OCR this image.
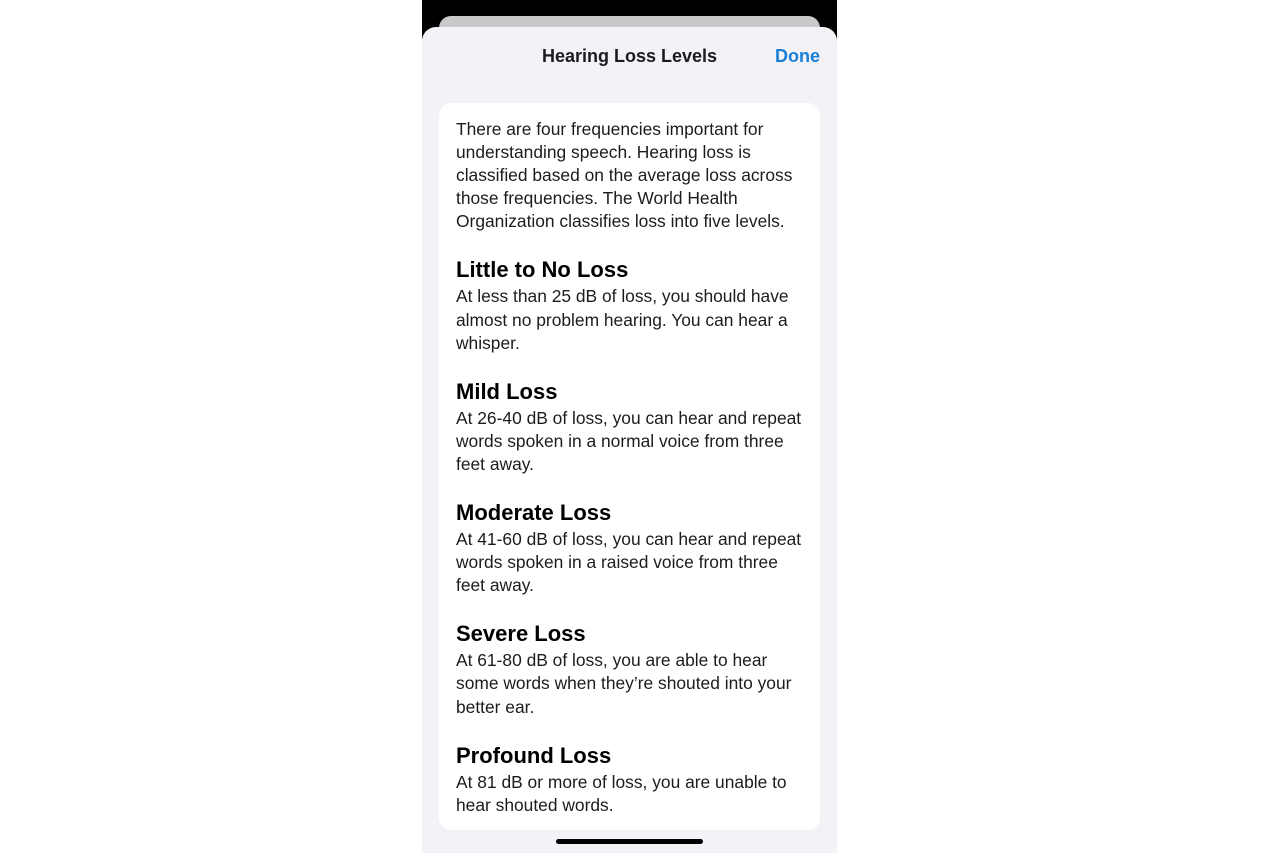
Hearing Loss Levels	Done

There are four frequencies important for understanding speech. Hearing loss is classified based on the average loss across those frequencies. The World Health Organization classifies loss into five levels.

Little to No Loss

At less than 25 dB of loss, you should have almost no problem hearing. You can hear a whisper.

Mild Loss

At 26-40 dB of loss, you can hear and repeat words spoken in a normal voice from three feet away.

Moderate Loss

At 41-60 dB of loss, you can hear and repeat words spoken in a raised voice from three feet away.

Severe Loss

At 61-80 dB of loss, you are able to hear some words when they’re shouted into your better ear.

Profound Loss

At 81 dB or more of loss, you are unable to hear shouted words.
